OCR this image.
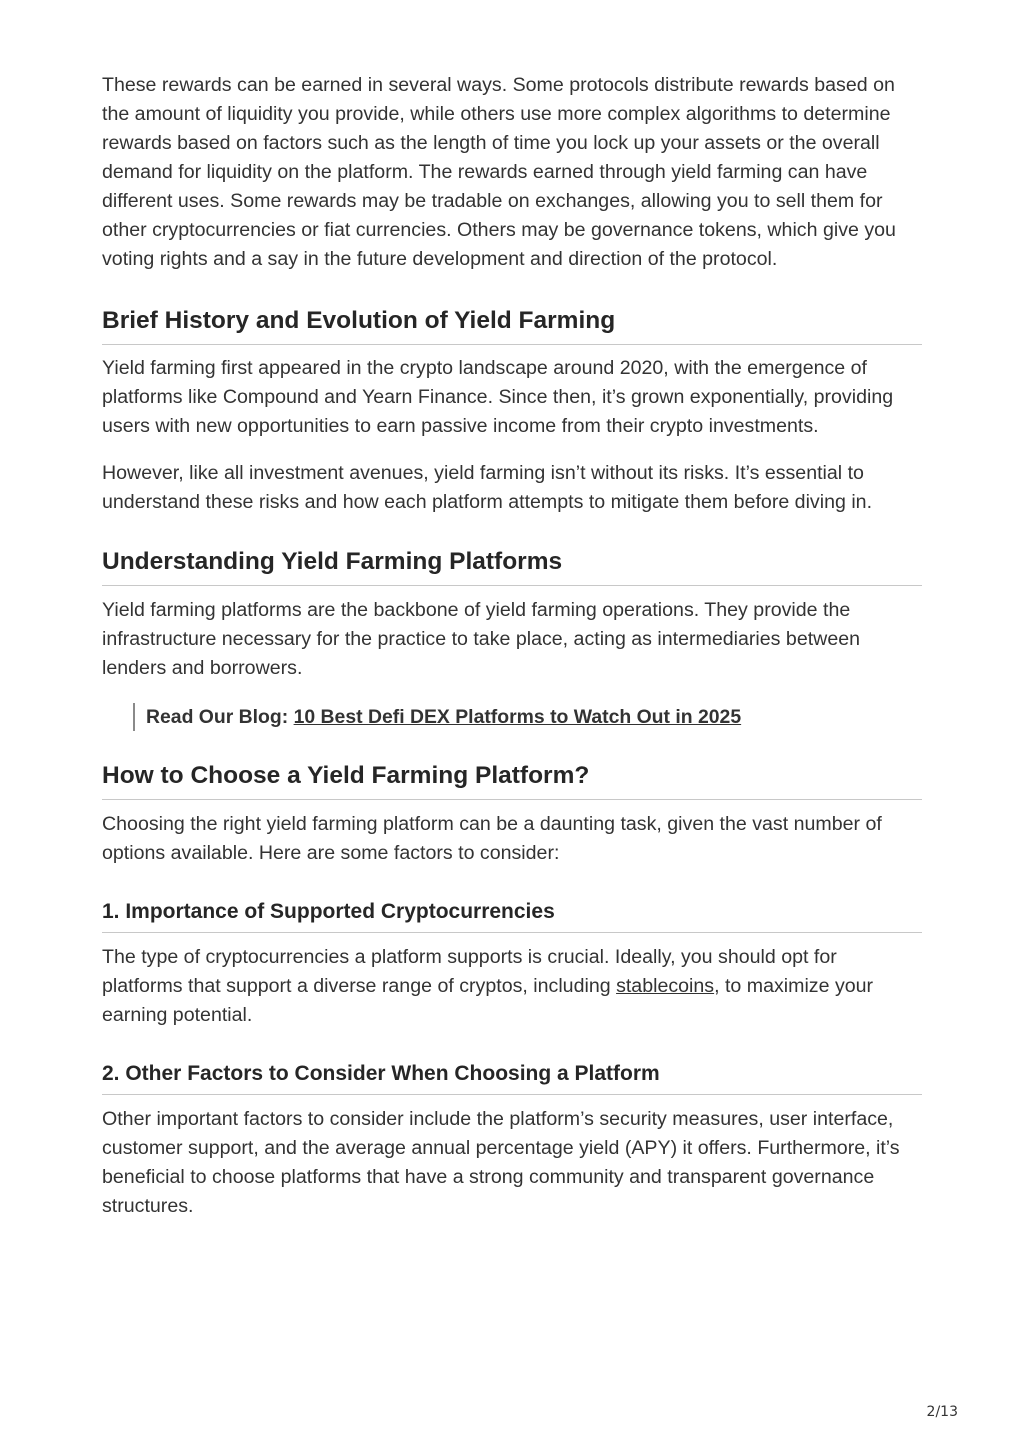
These rewards can be earned in several ways. Some protocols distribute rewards based on the amount of liquidity you provide, while others use more complex algorithms to determine rewards based on factors such as the length of time you lock up your assets or the overall demand for liquidity on the platform. The rewards earned through yield farming can have different uses. Some rewards may be tradable on exchanges, allowing you to sell them for other cryptocurrencies or fiat currencies. Others may be governance tokens, which give you voting rights and a say in the future development and direction of the protocol.

Brief History and Evolution of Yield Farming

Yield farming first appeared in the crypto landscape around 2020, with the emergence of platforms like Compound and Yearn Finance. Since then, it’s grown exponentially, providing users with new opportunities to earn passive income from their crypto investments.

However, like all investment avenues, yield farming isn’t without its risks. It’s essential to understand these risks and how each platform attempts to mitigate them before diving in.

Understanding Yield Farming Platforms

Yield farming platforms are the backbone of yield farming operations. They provide the infrastructure necessary for the practice to take place, acting as intermediaries between lenders and borrowers.

Read Our Blog: 10 Best Defi DEX Platforms to Watch Out in 2025
How to Choose a Yield Farming Platform?

Choosing the right yield farming platform can be a daunting task, given the vast number of options available. Here are some factors to consider:

1. Importance of Supported Cryptocurrencies

The type of cryptocurrencies a platform supports is crucial. Ideally, you should opt for platforms that support a diverse range of cryptos, including stablecoins, to maximize your earning potential.

2. Other Factors to Consider When Choosing a Platform

Other important factors to consider include the platform’s security measures, user interface, customer support, and the average annual percentage yield (APY) it offers. Furthermore, it’s beneficial to choose platforms that have a strong community and transparent governance structures.

2/13
